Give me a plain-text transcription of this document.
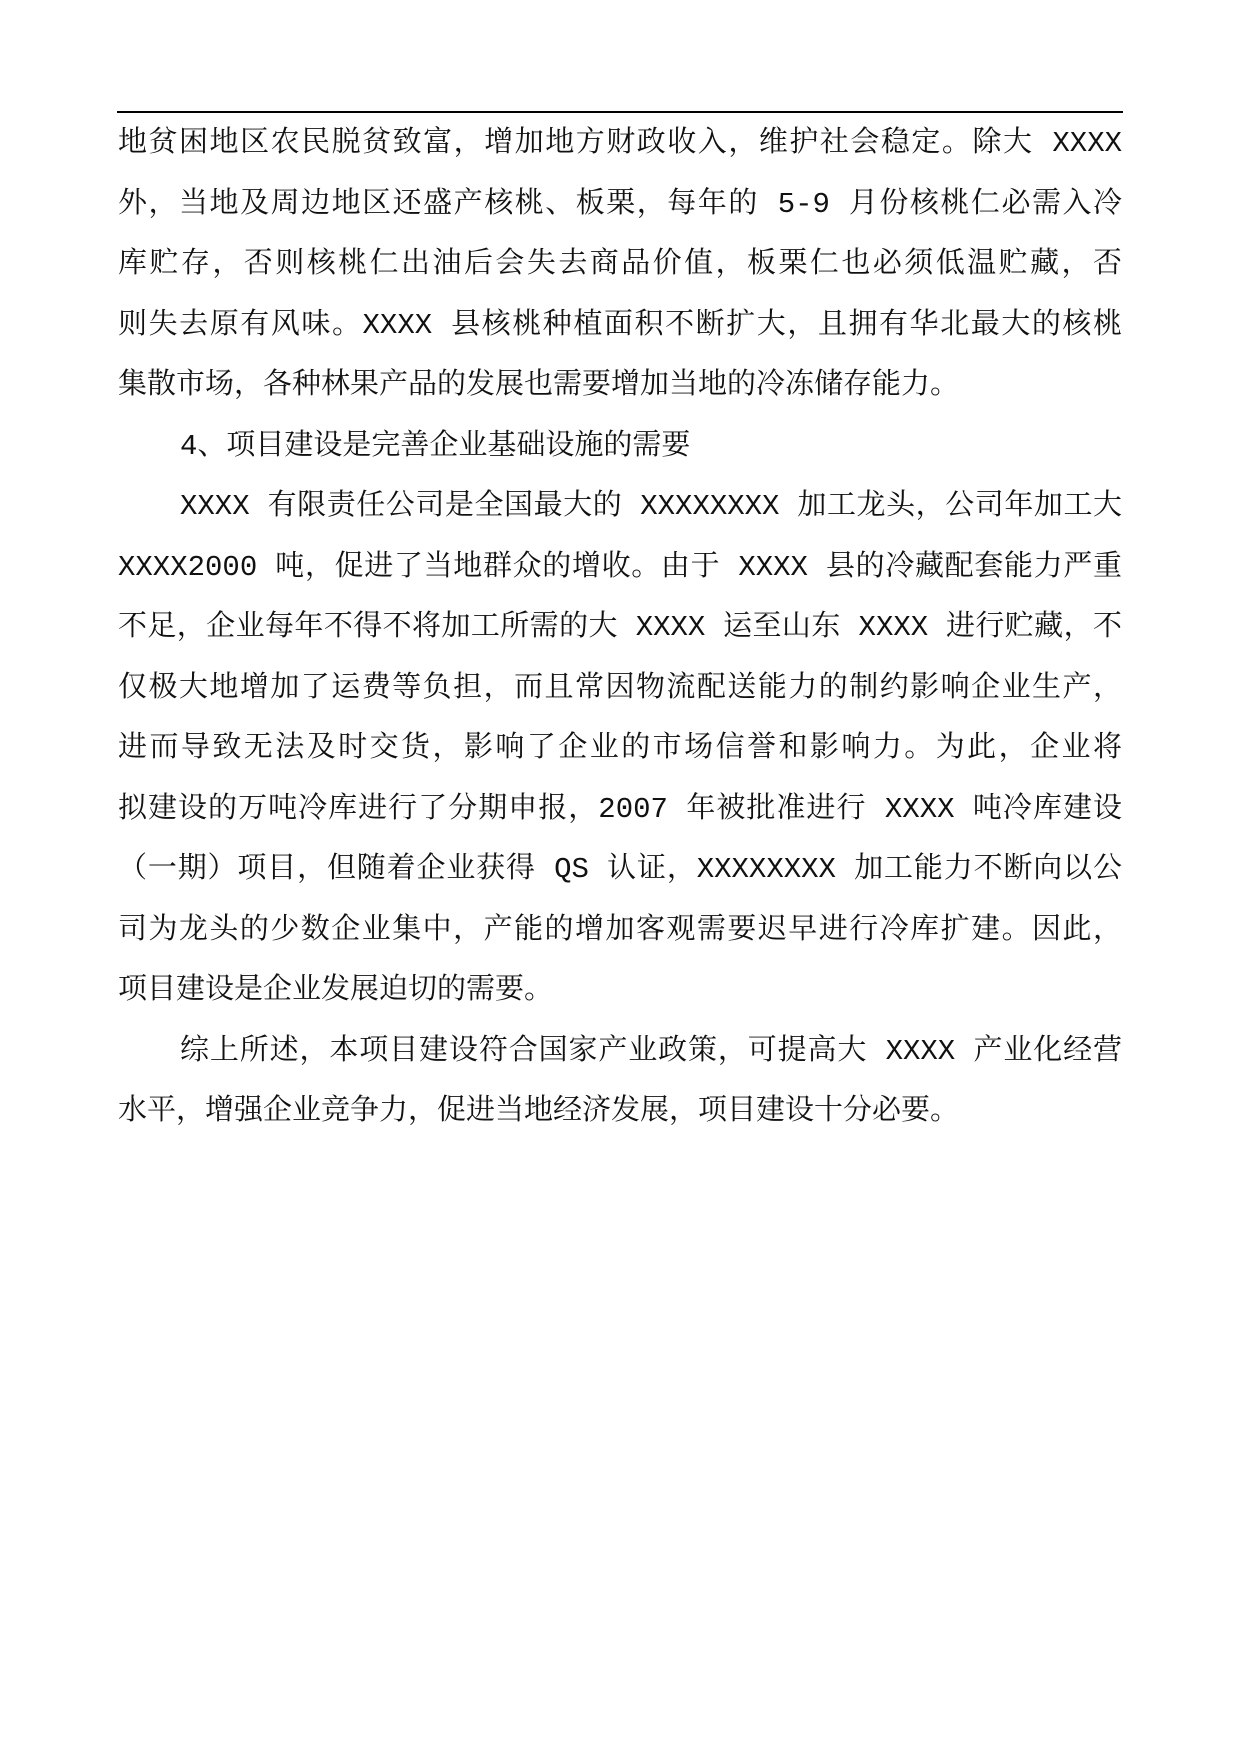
地贫困地区农民脱贫致富，增加地方财政收入，维护社会稳定。除大 XXXX
外，当地及周边地区还盛产核桃、板栗，每年的 5-9 月份核桃仁必需入冷
库贮存，否则核桃仁出油后会失去商品价值，板栗仁也必须低温贮藏，否
则失去原有风味。XXXX 县核桃种植面积不断扩大，且拥有华北最大的核桃
集散市场，各种林果产品的发展也需要增加当地的冷冻储存能力。
4、项目建设是完善企业基础设施的需要
XXXX 有限责任公司是全国最大的 XXXXXXXX 加工龙头，公司年加工大
XXXX2000 吨，促进了当地群众的增收。由于 XXXX 县的冷藏配套能力严重
不足，企业每年不得不将加工所需的大 XXXX 运至山东 XXXX 进行贮藏，不
仅极大地增加了运费等负担，而且常因物流配送能力的制约影响企业生产，
进而导致无法及时交货，影响了企业的市场信誉和影响力。为此，企业将
拟建设的万吨冷库进行了分期申报，2007 年被批准进行 XXXX 吨冷库建设
（一期）项目，但随着企业获得 QS 认证，XXXXXXXX 加工能力不断向以公
司为龙头的少数企业集中，产能的增加客观需要迟早进行冷库扩建。因此，
项目建设是企业发展迫切的需要。
综上所述，本项目建设符合国家产业政策，可提高大 XXXX 产业化经营
水平，增强企业竞争力，促进当地经济发展，项目建设十分必要。
